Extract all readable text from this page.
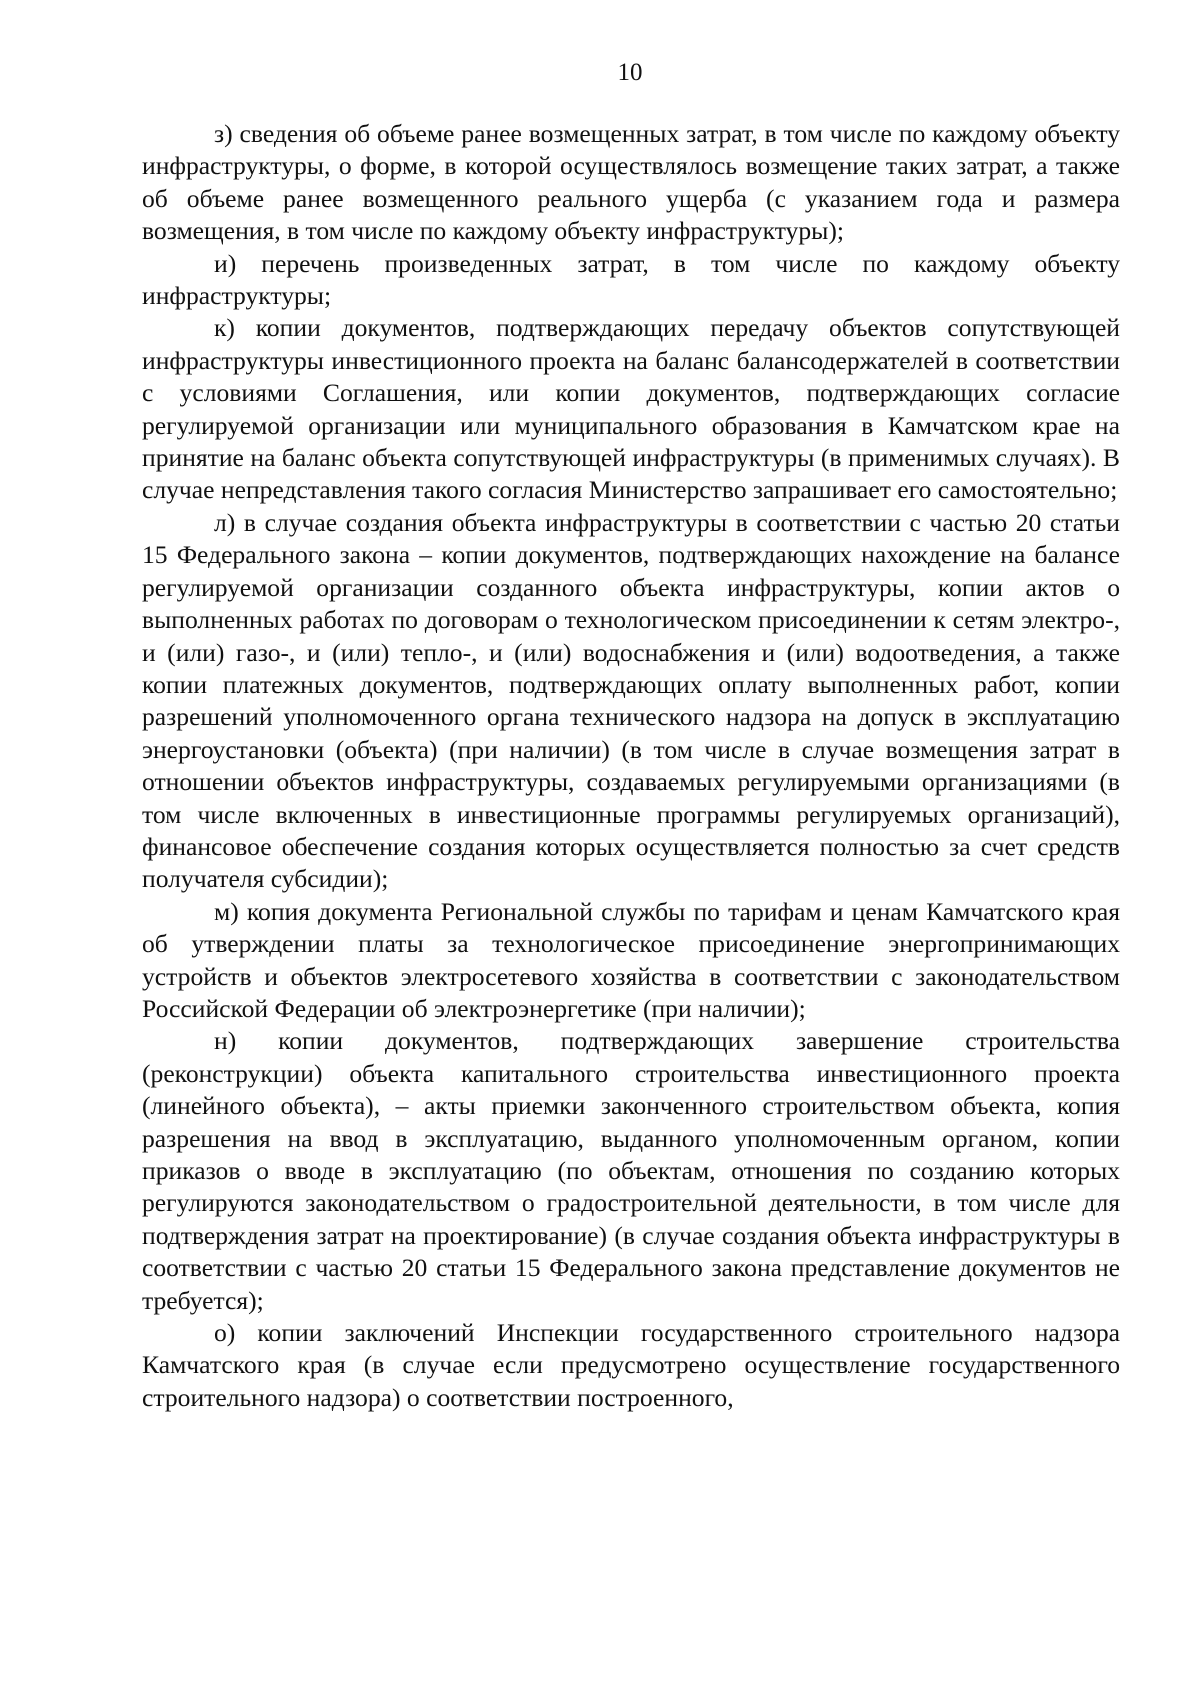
10

з) сведения об объеме ранее возмещенных затрат, в том числе по каждому объекту инфраструктуры, о форме, в которой осуществлялось возмещение таких затрат, а также об объеме ранее возмещенного реального ущерба (с указанием года и размера возмещения, в том числе по каждому объекту инфраструктуры);

и) перечень произведенных затрат, в том числе по каждому объекту инфраструктуры;

к) копии документов, подтверждающих передачу объектов сопутствующей инфраструктуры инвестиционного проекта на баланс балансодержателей в соответствии с условиями Соглашения, или копии документов, подтверждающих согласие регулируемой организации или муниципального образования в Камчатском крае на принятие на баланс объекта сопутствующей инфраструктуры (в применимых случаях). В случае непредставления такого согласия Министерство запрашивает его самостоятельно;

л) в случае создания объекта инфраструктуры в соответствии с частью 20 статьи 15 Федерального закона – копии документов, подтверждающих нахождение на балансе регулируемой организации созданного объекта инфраструктуры, копии актов о выполненных работах по договорам о технологическом присоединении к сетям электро-, и (или) газо-, и (или) тепло-, и (или) водоснабжения и (или) водоотведения, а также копии платежных документов, подтверждающих оплату выполненных работ, копии разрешений уполномоченного органа технического надзора на допуск в эксплуатацию энергоустановки (объекта) (при наличии) (в том числе в случае возмещения затрат в отношении объектов инфраструктуры, создаваемых регулируемыми организациями (в том числе включенных в инвестиционные программы регулируемых организаций), финансовое обеспечение создания которых осуществляется полностью за счет средств получателя субсидии);

м) копия документа Региональной службы по тарифам и ценам Камчатского края об утверждении платы за технологическое присоединение энергопринимающих устройств и объектов электросетевого хозяйства в соответствии с законодательством Российской Федерации об электроэнергетике (при наличии);

н) копии документов, подтверждающих завершение строительства (реконструкции) объекта капитального строительства инвестиционного проекта (линейного объекта), – акты приемки законченного строительством объекта, копия разрешения на ввод в эксплуатацию, выданного уполномоченным органом, копии приказов о вводе в эксплуатацию (по объектам, отношения по созданию которых регулируются законодательством о градостроительной деятельности, в том числе для подтверждения затрат на проектирование) (в случае создания объекта инфраструктуры в соответствии с частью 20 статьи 15 Федерального закона представление документов не требуется);

о) копии заключений Инспекции государственного строительного надзора Камчатского края (в случае если предусмотрено осуществление государственного строительного надзора) о соответствии построенного,
